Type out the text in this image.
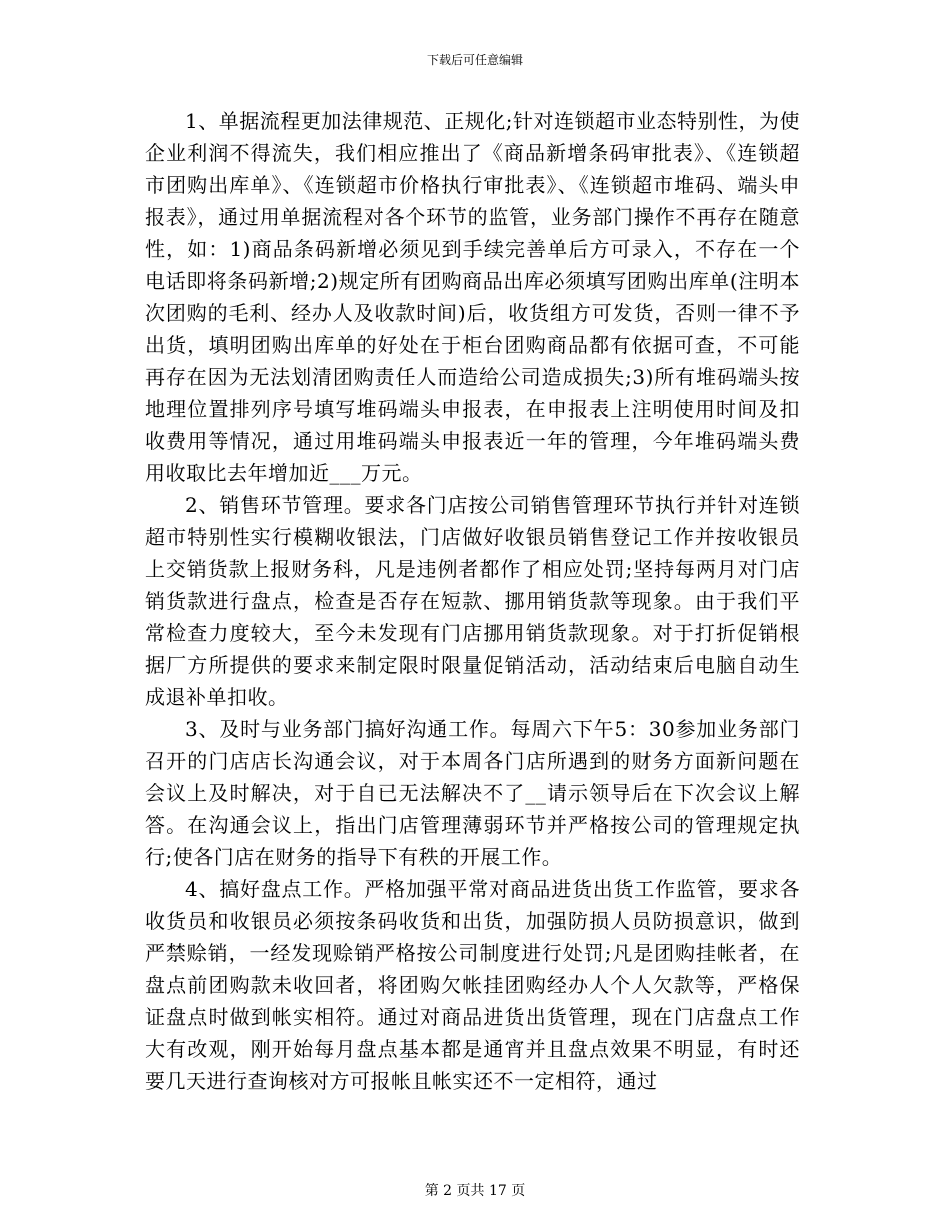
下载后可任意编辑

1、单据流程更加法律规范、正规化;针对连锁超市业态特别性，为使企业利润不得流失，我们相应推出了《商品新增条码审批表》、《连锁超市团购出库单》、《连锁超市价格执行审批表》、《连锁超市堆码、端头申报表》，通过用单据流程对各个环节的监管，业务部门操作不再存在随意性，如：1)商品条码新增必须见到手续完善单后方可录入，不存在一个电话即将条码新增;2)规定所有团购商品出库必须填写团购出库单(注明本次团购的毛利、经办人及收款时间)后，收货组方可发货，否则一律不予出货，填明团购出库单的好处在于柜台团购商品都有依据可查，不可能再存在因为无法划清团购责任人而造给公司造成损失;3)所有堆码端头按地理位置排列序号填写堆码端头申报表，在申报表上注明使用时间及扣收费用等情况，通过用堆码端头申报表近一年的管理，今年堆码端头费用收取比去年增加近___万元。

2、销售环节管理。要求各门店按公司销售管理环节执行并针对连锁超市特别性实行模糊收银法，门店做好收银员销售登记工作并按收银员上交销货款上报财务科，凡是违例者都作了相应处罚;坚持每两月对门店销货款进行盘点，检查是否存在短款、挪用销货款等现象。由于我们平常检查力度较大，至今未发现有门店挪用销货款现象。对于打折促销根据厂方所提供的要求来制定限时限量促销活动，活动结束后电脑自动生成退补单扣收。

3、及时与业务部门搞好沟通工作。每周六下午5：30参加业务部门召开的门店店长沟通会议，对于本周各门店所遇到的财务方面新问题在会议上及时解决，对于自已无法解决不了__请示领导后在下次会议上解答。在沟通会议上，指出门店管理薄弱环节并严格按公司的管理规定执行;使各门店在财务的指导下有秩的开展工作。

4、搞好盘点工作。严格加强平常对商品进货出货工作监管，要求各收货员和收银员必须按条码收货和出货，加强防损人员防损意识，做到严禁赊销，一经发现赊销严格按公司制度进行处罚;凡是团购挂帐者，在盘点前团购款未收回者，将团购欠帐挂团购经办人个人欠款等，严格保证盘点时做到帐实相符。通过对商品进货出货管理，现在门店盘点工作大有改观，刚开始每月盘点基本都是通宵并且盘点效果不明显，有时还要几天进行查询核对方可报帐且帐实还不一定相符，通过

第 2 页共 17 页
